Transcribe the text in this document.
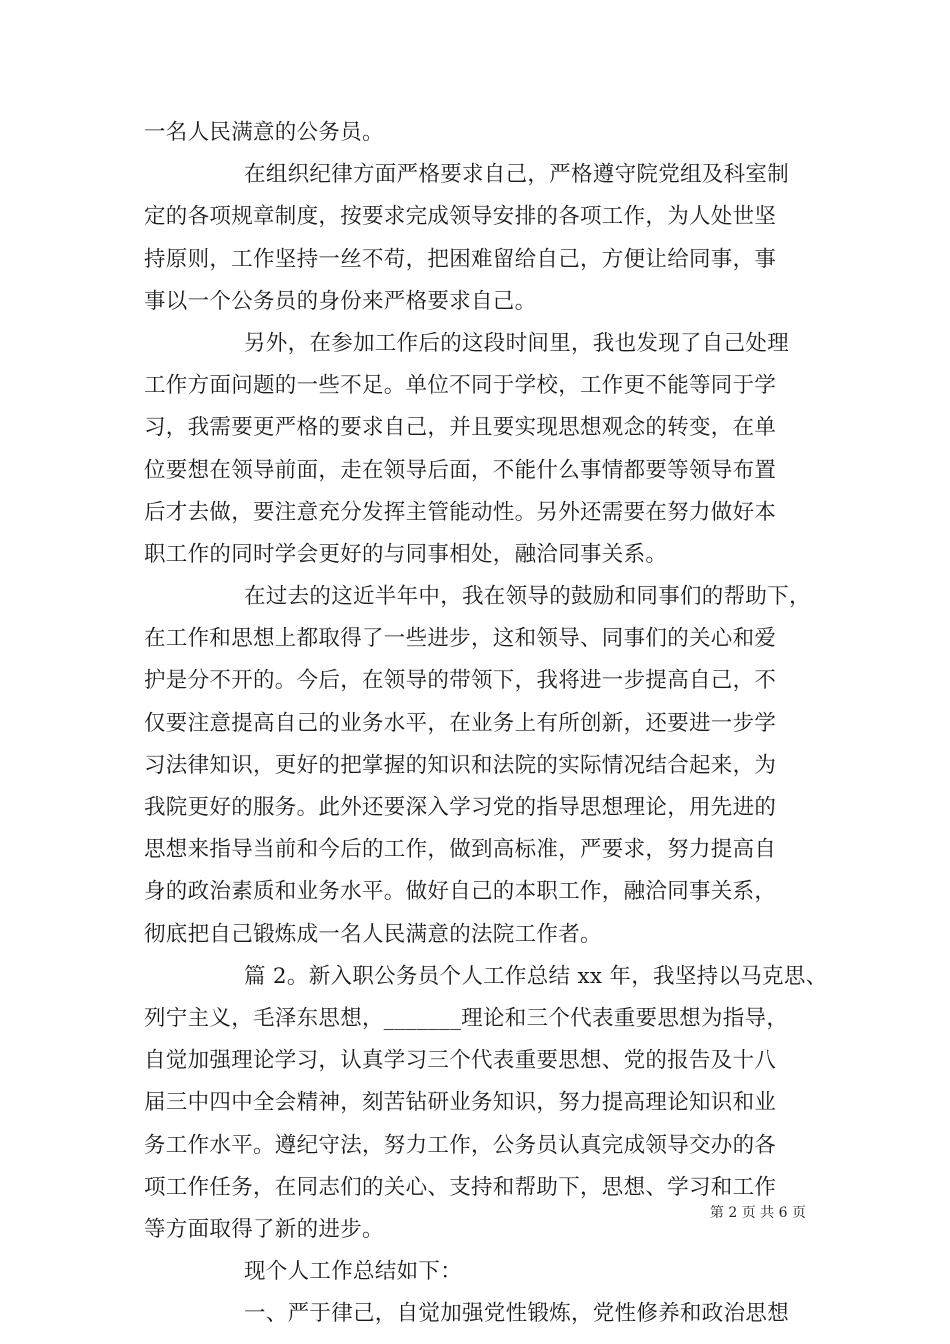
一名人民满意的公务员。
在组织纪律方面严格要求自己，严格遵守院党组及科室制
定的各项规章制度，按要求完成领导安排的各项工作，为人处世坚
持原则，工作坚持一丝不苟，把困难留给自己，方便让给同事，事
事以一个公务员的身份来严格要求自己。
另外，在参加工作后的这段时间里，我也发现了自己处理
工作方面问题的一些不足。单位不同于学校，工作更不能等同于学
习，我需要更严格的要求自己，并且要实现思想观念的转变，在单
位要想在领导前面，走在领导后面，不能什么事情都要等领导布置
后才去做，要注意充分发挥主管能动性。另外还需要在努力做好本
职工作的同时学会更好的与同事相处，融洽同事关系。
在过去的这近半年中，我在领导的鼓励和同事们的帮助下，
在工作和思想上都取得了一些进步，这和领导、同事们的关心和爱
护是分不开的。今后，在领导的带领下，我将进一步提高自己，不
仅要注意提高自己的业务水平，在业务上有所创新，还要进一步学
习法律知识，更好的把掌握的知识和法院的实际情况结合起来，为
我院更好的服务。此外还要深入学习党的指导思想理论，用先进的
思想来指导当前和今后的工作，做到高标准，严要求，努力提高自
身的政治素质和业务水平。做好自己的本职工作，融洽同事关系，
彻底把自己锻炼成一名人民满意的法院工作者。
篇 2。新入职公务员个人工作总结 xx 年，我坚持以马克思、
列宁主义，毛泽东思想，_______理论和三个代表重要思想为指导，
自觉加强理论学习，认真学习三个代表重要思想、党的报告及十八
届三中四中全会精神，刻苦钻研业务知识，努力提高理论知识和业
务工作水平。遵纪守法，努力工作，公务员认真完成领导交办的各
项工作任务，在同志们的关心、支持和帮助下，思想、学习和工作
等方面取得了新的进步。
现个人工作总结如下：
一、严于律己，自觉加强党性锻炼，党性修养和政治思想
第 2 页 共 6 页
